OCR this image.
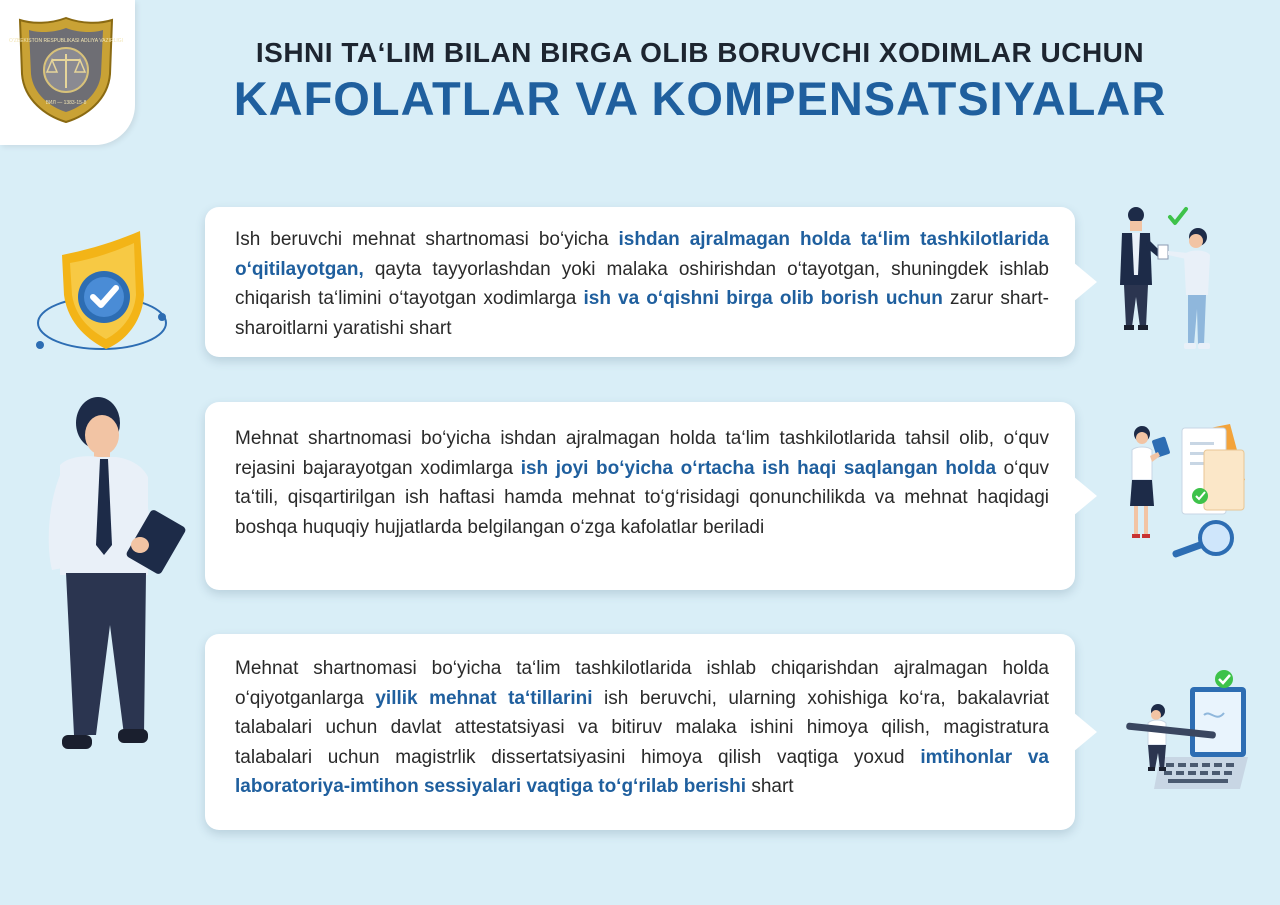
O'ZBEKISTON RESPUBLIKASI ADLIYA VAZIRLIGI
ВИЛ — 1383-15-8
ISHNI TA‘LIM BILAN BIRGA OLIB BORUVCHI XODIMLAR UCHUN
KAFOLATLAR VA KOMPENSATSIYALAR
Ish beruvchi mehnat shartnomasi bo‘yicha ishdan ajralmagan holda ta‘lim tashkilotlarida o‘qitilayotgan, qayta tayyorlashdan yoki malaka oshirishdan o‘tayotgan, shuningdek ishlab chiqarish ta‘limini o‘tayotgan xodimlarga ish va o‘qishni birga olib borish uchun zarur shart-sharoitlarni yaratishi shart
Mehnat shartnomasi bo‘yicha ishdan ajralmagan holda ta‘lim tashkilotlarida tahsil olib, o‘quv rejasini bajarayotgan xodimlarga ish joyi bo‘yicha o‘rtacha ish haqi saqlangan holda o‘quv ta‘tili, qisqartirilgan ish haftasi hamda mehnat to‘g‘risidagi qonunchilikda va mehnat haqidagi boshqa huquqiy hujjatlarda belgilangan o‘zga kafolatlar beriladi
Mehnat shartnomasi bo‘yicha ta‘lim tashkilotlarida ishlab chiqarishdan ajralmagan holda o‘qiyotganlarga yillik mehnat ta‘tillarini ish beruvchi, ularning xohishiga ko‘ra, bakalavriat talabalari uchun davlat attestatsiyasi va bitiruv malaka ishini himoya qilish, magistratura talabalari uchun magistrlik dissertatsiyasini himoya qilish vaqtiga yoxud imtihonlar va laboratoriya-imtihon sessiyalari vaqtiga to‘g‘rilab berishi shart
